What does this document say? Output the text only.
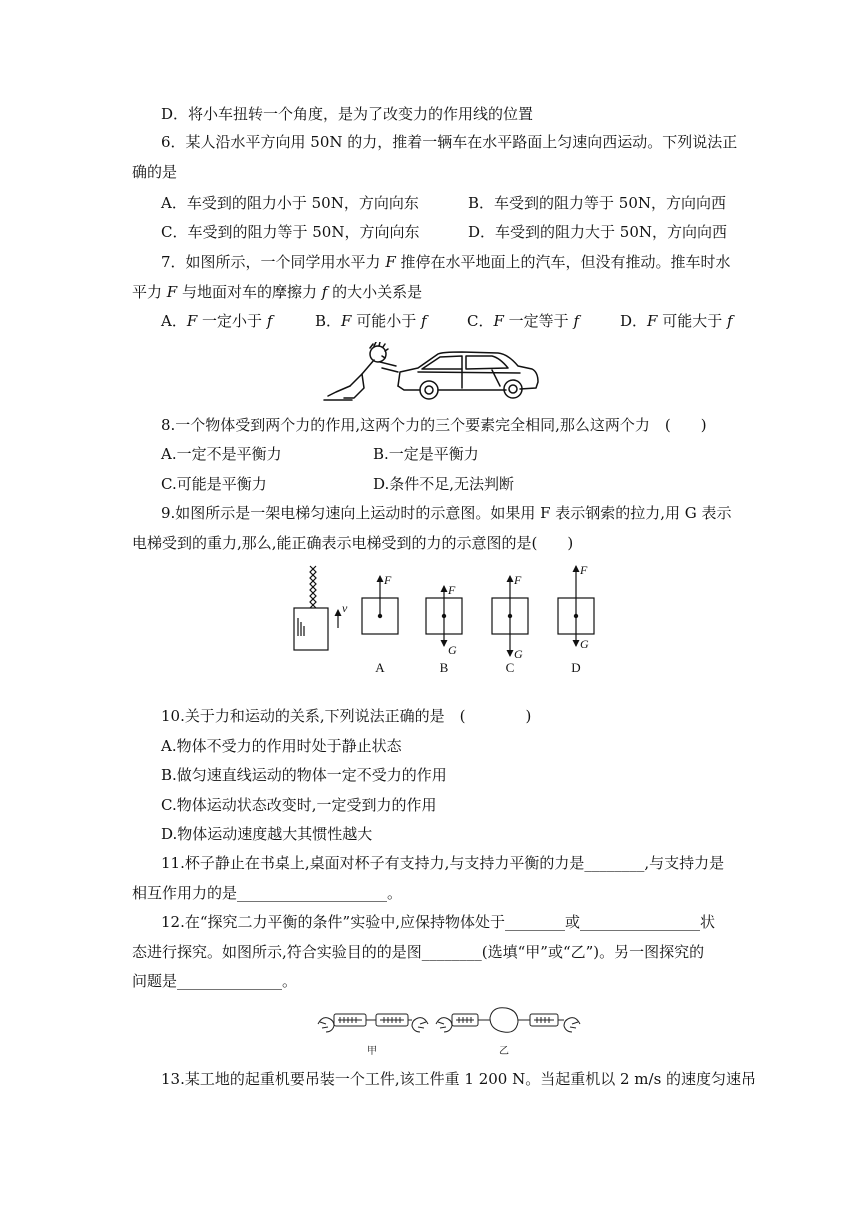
D．将小车扭转一个角度，是为了改变力的作用线的位置
6．某人沿水平方向用 50N 的力，推着一辆车在水平路面上匀速向西运动。下列说法正
确的是
A．车受到的阻力小于 50N，方向向东	B．车受到的阻力等于 50N，方向向西
C．车受到的阻力等于 50N，方向向东	D．车受到的阻力大于 50N，方向向西
7．如图所示，一个同学用水平力 F 推停在水平地面上的汽车，但没有推动。推车时水
平力 F 与地面对车的摩擦力 f 的大小关系是
A．F 一定小于 f	B．F 可能小于 f	C．F 一定等于 f	D．F 可能大于 f
8.一个物体受到两个力的作用,这两个力的三个要素完全相同,那么这两个力　(　　)
A.一定不是平衡力	B.一定是平衡力
C.可能是平衡力	D.条件不足,无法判断
9.如图所示是一架电梯匀速向上运动时的示意图。如果用 F 表示钢索的拉力,用 G 表示
电梯受到的重力,那么,能正确表示电梯受到的力的示意图的是(　　)
v
F
F
G
F
G
F
G
A	B	C	D
10.关于力和运动的关系,下列说法正确的是　(　　　　)
A.物体不受力的作用时处于静止状态
B.做匀速直线运动的物体一定不受力的作用
C.物体运动状态改变时,一定受到力的作用
D.物体运动速度越大其惯性越大
11.杯子静止在书桌上,桌面对杯子有支持力,与支持力平衡的力是________,与支持力是
相互作用力的是____________________。
12.在“探究二力平衡的条件”实验中,应保持物体处于________或________________状
态进行探究。如图所示,符合实验目的的是图________(选填“甲”或“乙”)。另一图探究的
问题是______________。
甲	乙
13.某工地的起重机要吊装一个工件,该工件重 1 200 N。当起重机以 2 m/s 的速度匀速吊
